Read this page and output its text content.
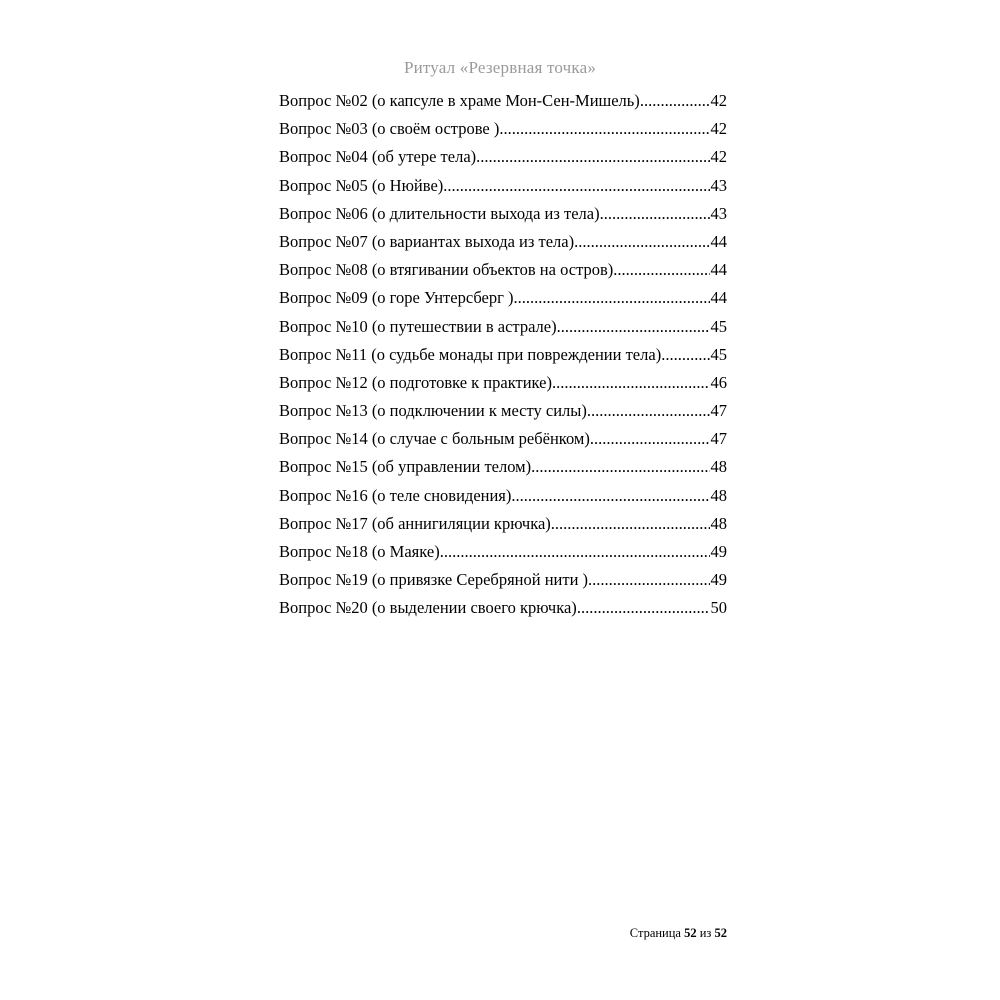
Ритуал «Резервная точка»
Вопрос №02 (о капсуле в храме Мон-Сен-Мишель) .....	42
Вопрос №03 (о своём острове ) .....	42
Вопрос №04 (об утере тела) .....	42
Вопрос №05 (о Нюйве) .....	43
Вопрос №06 (о длительности выхода из тела) .....	43
Вопрос №07 (о вариантах выхода из тела) .....	44
Вопрос №08 (о втягивании объектов на остров) .....	44
Вопрос №09 (о горе Унтерсберг ) .....	44
Вопрос №10 (о путешествии в астрале) .....	45
Вопрос №11 (о судьбе монады при повреждении тела) .....	45
Вопрос №12 (о подготовке к практике) .....	46
Вопрос №13 (о подключении к месту силы) .....	47
Вопрос №14 (о случае с больным ребёнком) .....	47
Вопрос №15 (об управлении телом) .....	48
Вопрос №16 (о теле сновидения) .....	48
Вопрос №17 (об аннигиляции крючка) .....	48
Вопрос №18 (о Маяке) .....	49
Вопрос №19 (о привязке Серебряной нити ) .....	49
Вопрос №20 (о выделении своего крючка) .....	50
Страница 52 из 52
